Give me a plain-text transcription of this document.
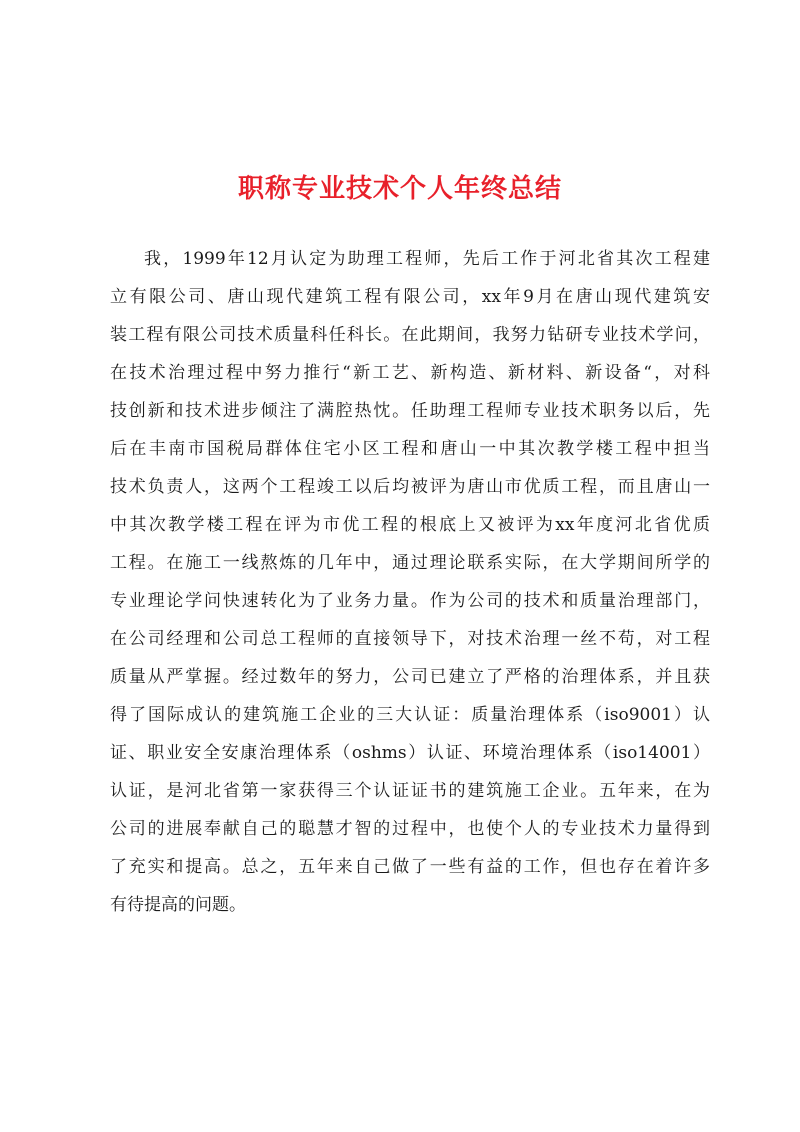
职称专业技术个人年终总结
我，1999年12月认定为助理工程师，先后工作于河北省其次工程建
立有限公司、唐山现代建筑工程有限公司，xx年9月在唐山现代建筑安
装工程有限公司技术质量科任科长。在此期间，我努力钻研专业技术学问，
在技术治理过程中努力推行“新工艺、新构造、新材料、新设备“，对科
技创新和技术进步倾注了满腔热忱。任助理工程师专业技术职务以后，先
后在丰南市国税局群体住宅小区工程和唐山一中其次教学楼工程中担当
技术负责人，这两个工程竣工以后均被评为唐山市优质工程，而且唐山一
中其次教学楼工程在评为市优工程的根底上又被评为xx年度河北省优质
工程。在施工一线熬炼的几年中，通过理论联系实际，在大学期间所学的
专业理论学问快速转化为了业务力量。作为公司的技术和质量治理部门，
在公司经理和公司总工程师的直接领导下，对技术治理一丝不苟，对工程
质量从严掌握。经过数年的努力，公司已建立了严格的治理体系，并且获
得了国际成认的建筑施工企业的三大认证：质量治理体系（iso9001）认
证、职业安全安康治理体系（oshms）认证、环境治理体系（iso14001）
认证，是河北省第一家获得三个认证证书的建筑施工企业。五年来，在为
公司的进展奉献自己的聪慧才智的过程中，也使个人的专业技术力量得到
了充实和提高。总之，五年来自己做了一些有益的工作，但也存在着许多
有待提高的问题。
